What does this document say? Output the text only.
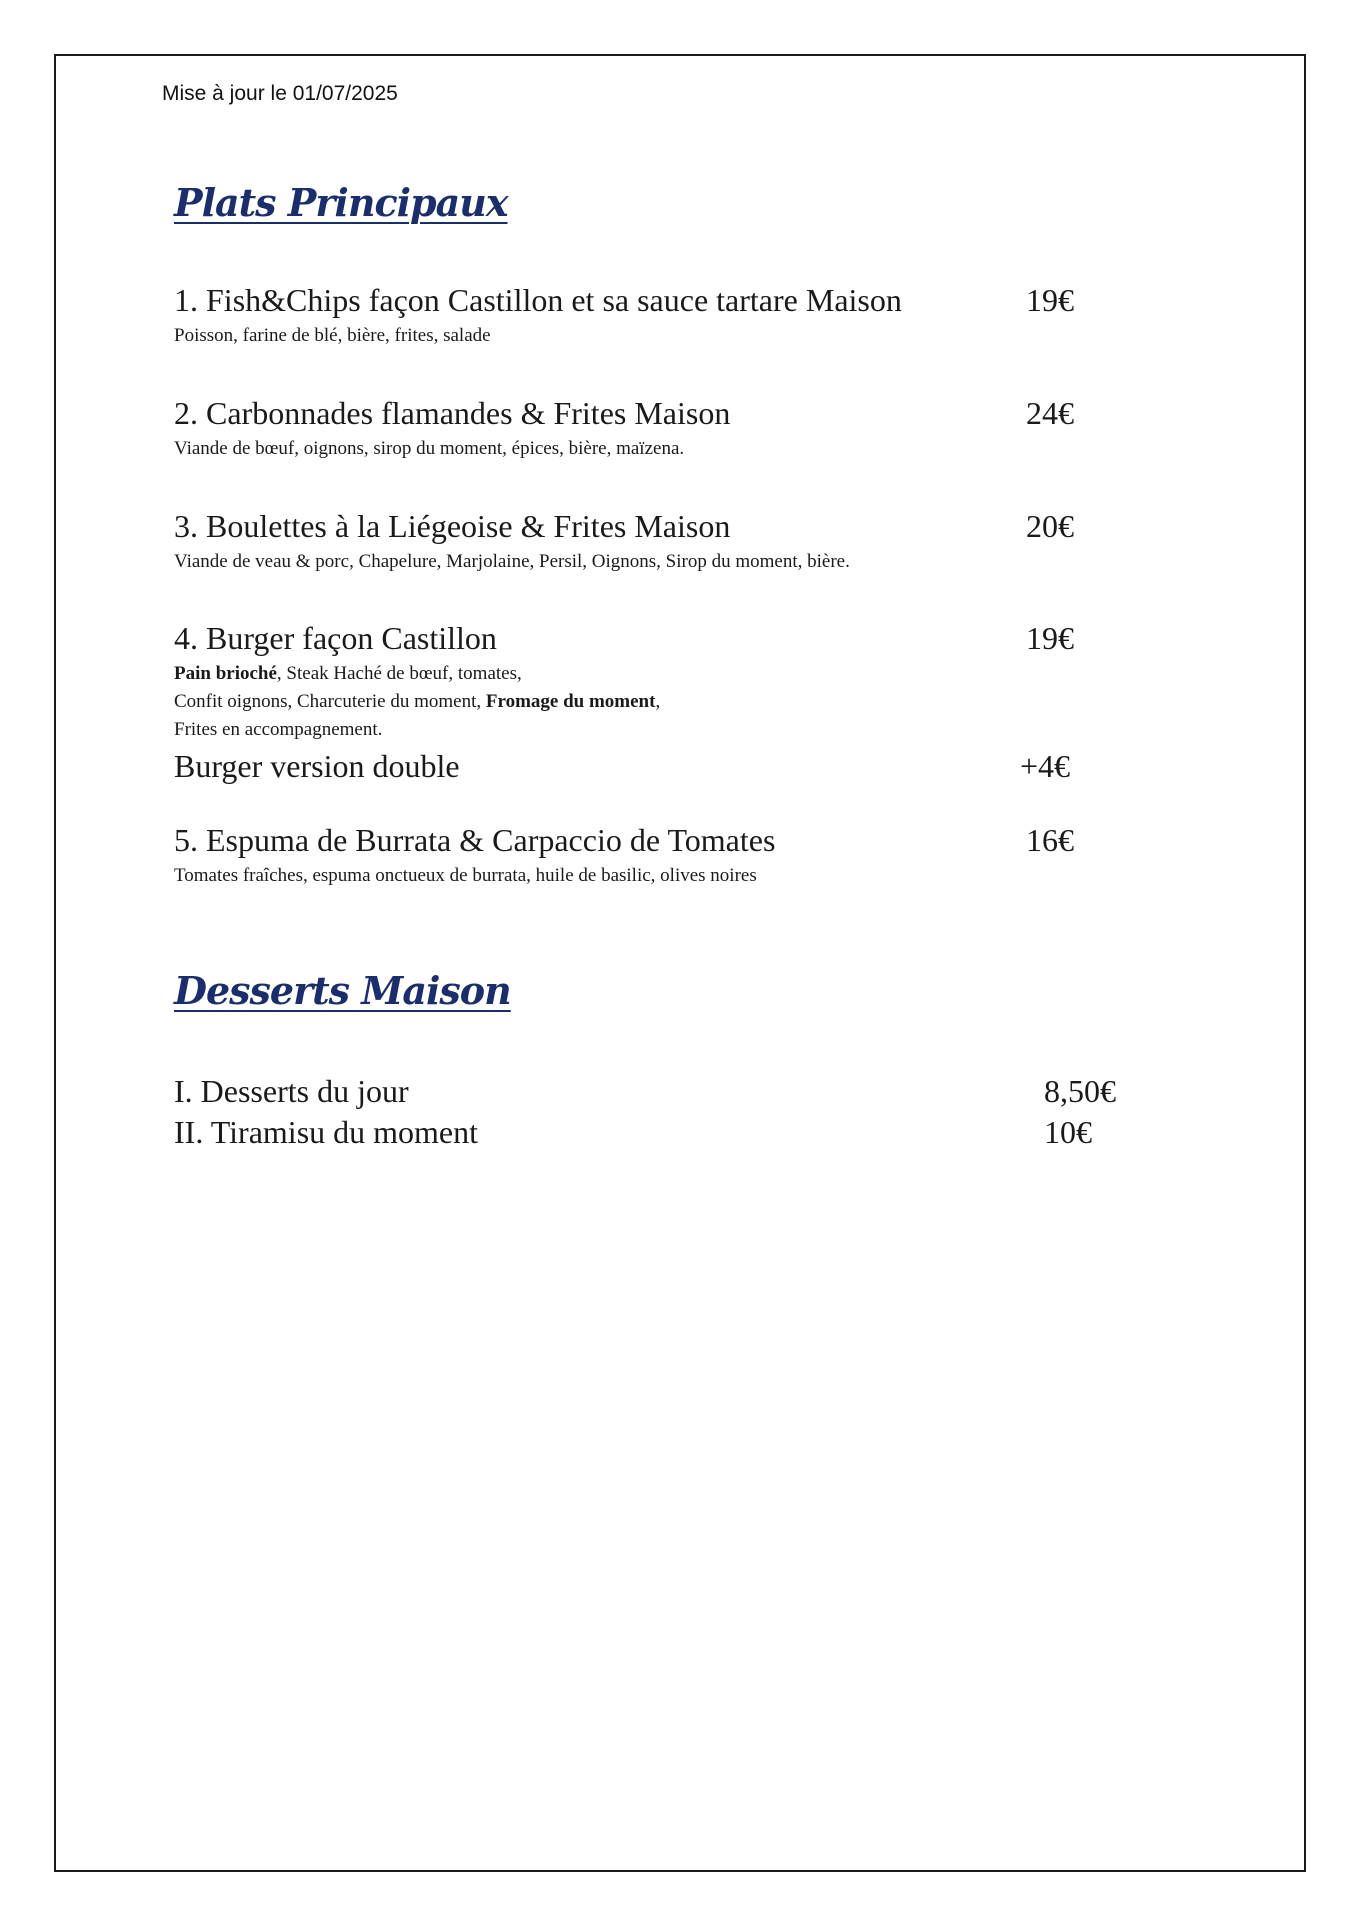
Mise à jour le 01/07/2025
Plats Principaux
1. Fish&Chips façon Castillon et sa sauce tartare Maison	19€
Poisson, farine de blé, bière, frites, salade
2. Carbonnades flamandes & Frites Maison	24€
Viande de bœuf, oignons, sirop du moment, épices, bière, maïzena.
3. Boulettes à la Liégeoise & Frites Maison	20€
Viande de veau & porc, Chapelure, Marjolaine, Persil, Oignons, Sirop du moment, bière.
4. Burger façon Castillon	19€
Pain brioché, Steak Haché de bœuf, tomates,
Confit oignons, Charcuterie du moment, Fromage du moment,
Frites en accompagnement.
Burger version double	+4€
5. Espuma de Burrata & Carpaccio de Tomates	16€
Tomates fraîches, espuma onctueux de burrata, huile de basilic, olives noires
Desserts Maison
I. Desserts du jour	8,50€
II. Tiramisu du moment	10€
